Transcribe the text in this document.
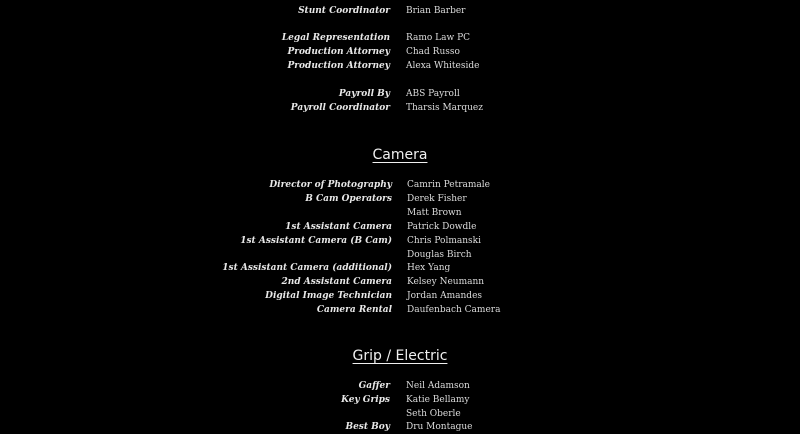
Stunt Coordinator Brian Barber
Legal Representation Ramo Law PC
Production Attorney Chad Russo
Production Attorney Alexa Whiteside
Payroll By ABS Payroll
Payroll Coordinator Tharsis Marquez
Camera
Director of Photography Camrin Petramale
B Cam Operators Derek Fisher
Matt Brown
1st Assistant Camera Patrick Dowdle
1st Assistant Camera (B Cam) Chris Polmanski
Douglas Birch
1st Assistant Camera (additional) Hex Yang
2nd Assistant Camera Kelsey Neumann
Digital Image Technician Jordan Amandes
Camera Rental Daufenbach Camera
Grip / Electric
Gaffer Neil Adamson
Key Grips Katie Bellamy
Seth Oberle
Best Boy Dru Montague
